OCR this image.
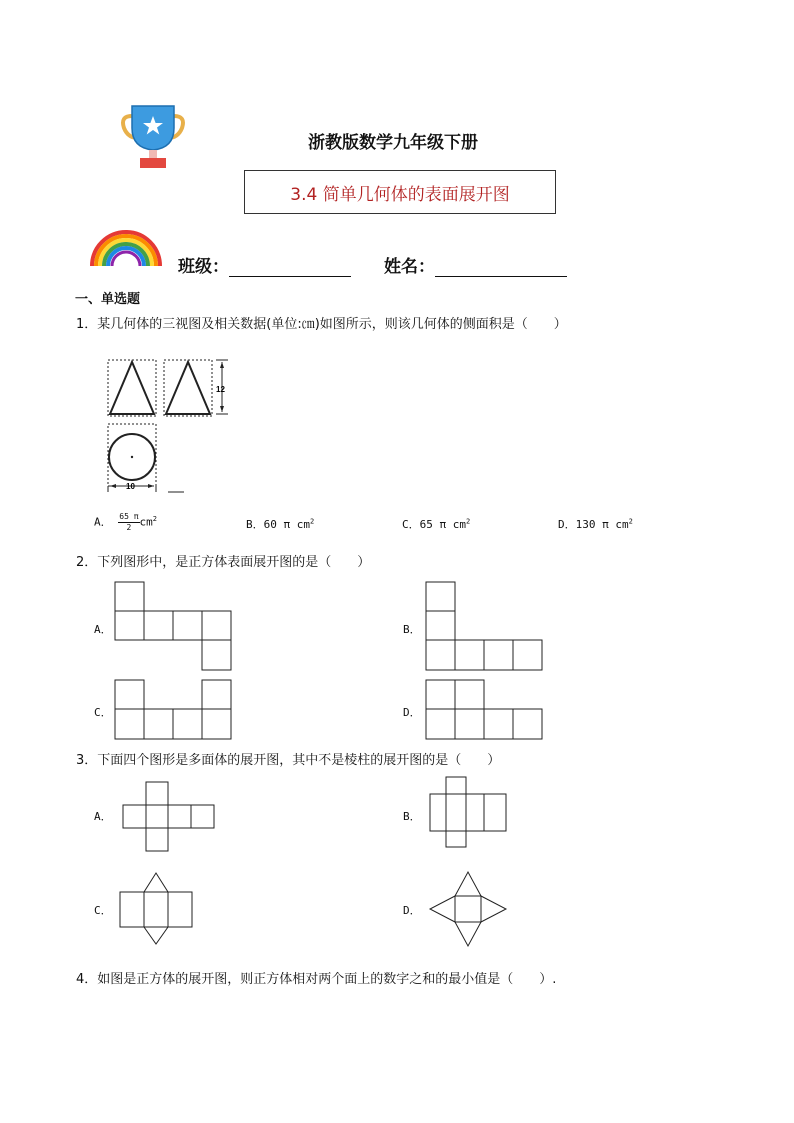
浙教版数学九年级下册
3.4 简单几何体的表面展开图
班级：	姓名：
一、单选题
1．某几何体的三视图及相关数据(单位:㎝)如图所示，则该几何体的侧面积是（　　）
12
10
A． $\frac{65 \pi}{2} cm^2$	B．60 π $cm^2$	C．65 π $cm^2$	D．130 π $cm^2$
2．下列图形中，是正方体表面展开图的是（　　）
A．	B．
C．	D．
3．下面四个图形是多面体的展开图，其中不是棱柱的展开图的是（　　）
A．	B．
C．	D．
4．如图是正方体的展开图，则正方体相对两个面上的数字之和的最小值是（　　）.
